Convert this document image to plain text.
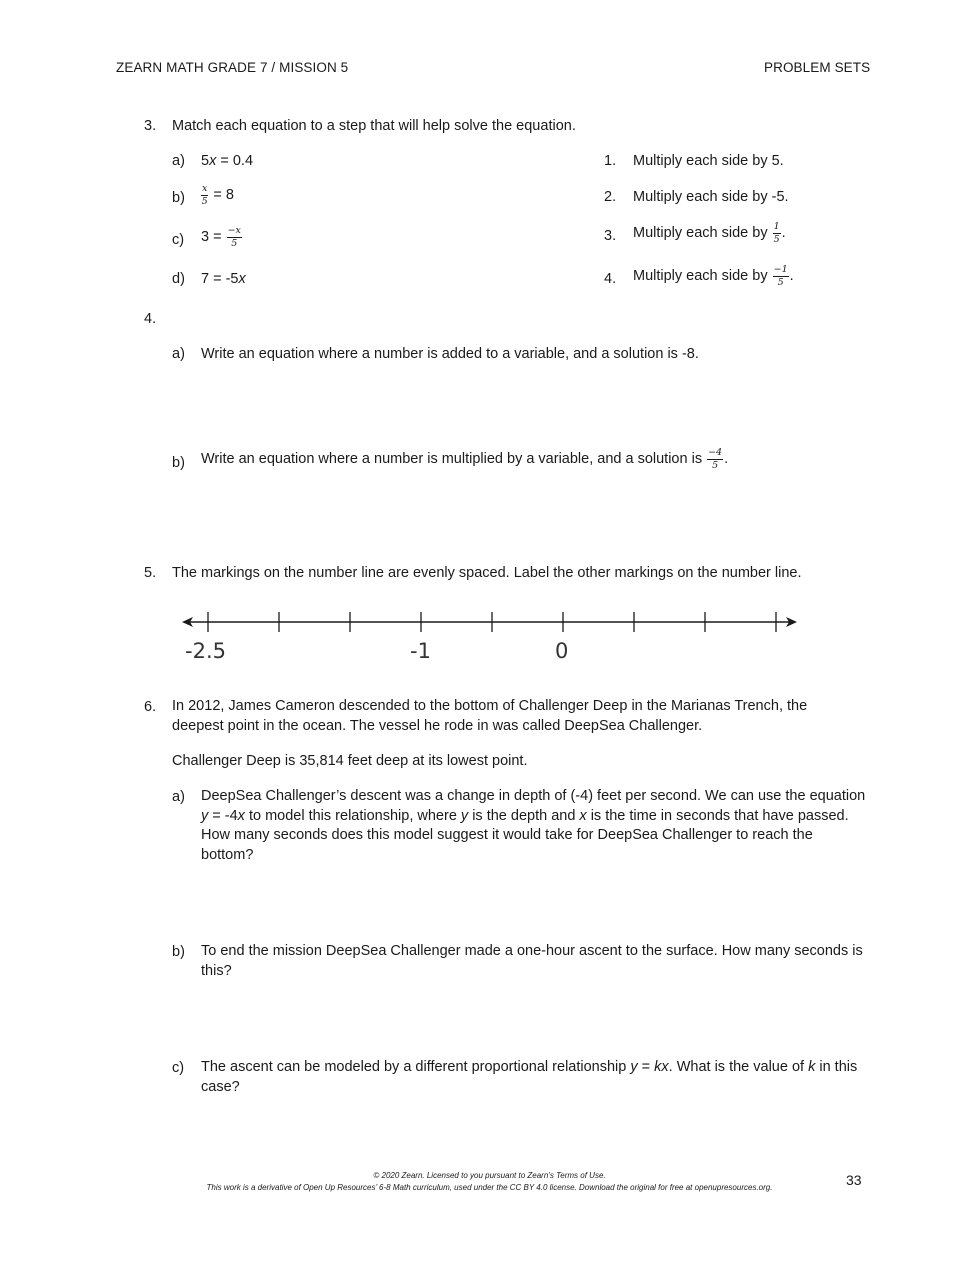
ZEARN MATH GRADE 7 / MISSION 5	PROBLEM SETS
3. Match each equation to a step that will help solve the equation.
a) 5x = 0.4
$b) \frac{x}{5} = 8$
c) $3 = \frac{-x}{5}$
d) 7 = -5x
1. Multiply each side by 5.
2. Multiply each side by -5.
3. Multiply each side by $\frac{1}{5}$ .
4. Multiply each side by $\frac{-1}{5}$ .
4.
a) Write an equation where a number is added to a variable, and a solution is -8.
b) Write an equation where a number is multiplied by a variable, and a solution is $\frac{-4}{5}$ .
5. The markings on the number line are evenly spaced. Label the other markings on the number line.
-2.5	-1	0
6. In 2012, James Cameron descended to the bottom of Challenger Deep in the Marianas Trench, the deepest point in the ocean. The vessel he rode in was called DeepSea Challenger.
Challenger Deep is 35,814 feet deep at its lowest point.
a) DeepSea Challenger’s descent was a change in depth of (-4) feet per second. We can use the equation y = -4x to model this relationship, where y is the depth and x is the time in seconds that have passed. How many seconds does this model suggest it would take for DeepSea Challenger to reach the bottom?
b) To end the mission DeepSea Challenger made a one-hour ascent to the surface. How many seconds is this?
c) The ascent can be modeled by a different proportional relationship y = kx. What is the value of k in this case?
© 2020 Zearn. Licensed to you pursuant to Zearn’s Terms of Use.
This work is a derivative of Open Up Resources’ 6-8 Math curriculum, used under the CC BY 4.0 license. Download the original for free at openupresources.org.	33
